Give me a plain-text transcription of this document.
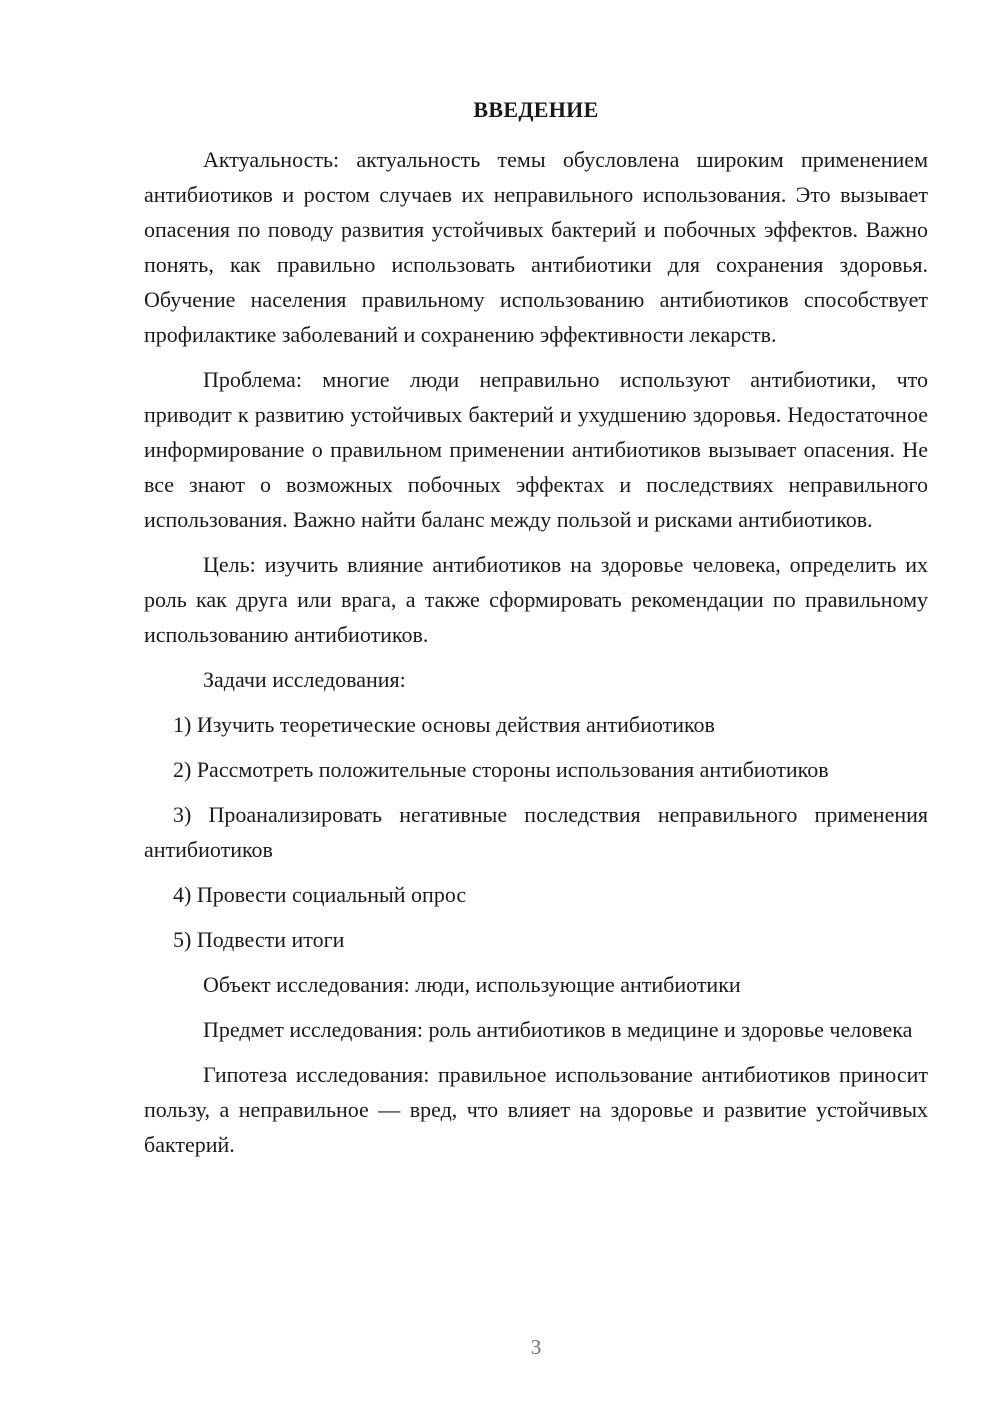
ВВЕДЕНИЕ

Актуальность: актуальность темы обусловлена широким применением антибиотиков и ростом случаев их неправильного использования. Это вызывает опасения по поводу развития устойчивых бактерий и побочных эффектов. Важно понять, как правильно использовать антибиотики для сохранения здоровья. Обучение населения правильному использованию антибиотиков способствует профилактике заболеваний и сохранению эффективности лекарств.

Проблема: многие люди неправильно используют антибиотики, что приводит к развитию устойчивых бактерий и ухудшению здоровья. Недостаточное информирование о правильном применении антибиотиков вызывает опасения. Не все знают о возможных побочных эффектах и последствиях неправильного использования. Важно найти баланс между пользой и рисками антибиотиков.

Цель: изучить влияние антибиотиков на здоровье человека, определить их роль как друга или врага, а также сформировать рекомендации по правильному использованию антибиотиков.

Задачи исследования:

1) Изучить теоретические основы действия антибиотиков

2) Рассмотреть положительные стороны использования антибиотиков

3) Проанализировать негативные последствия неправильного применения антибиотиков

4) Провести социальный опрос

5) Подвести итоги

Объект исследования: люди, использующие антибиотики

Предмет исследования: роль антибиотиков в медицине и здоровье человека

Гипотеза исследования: правильное использование антибиотиков приносит пользу, а неправильное — вред, что влияет на здоровье и развитие устойчивых бактерий.

3
